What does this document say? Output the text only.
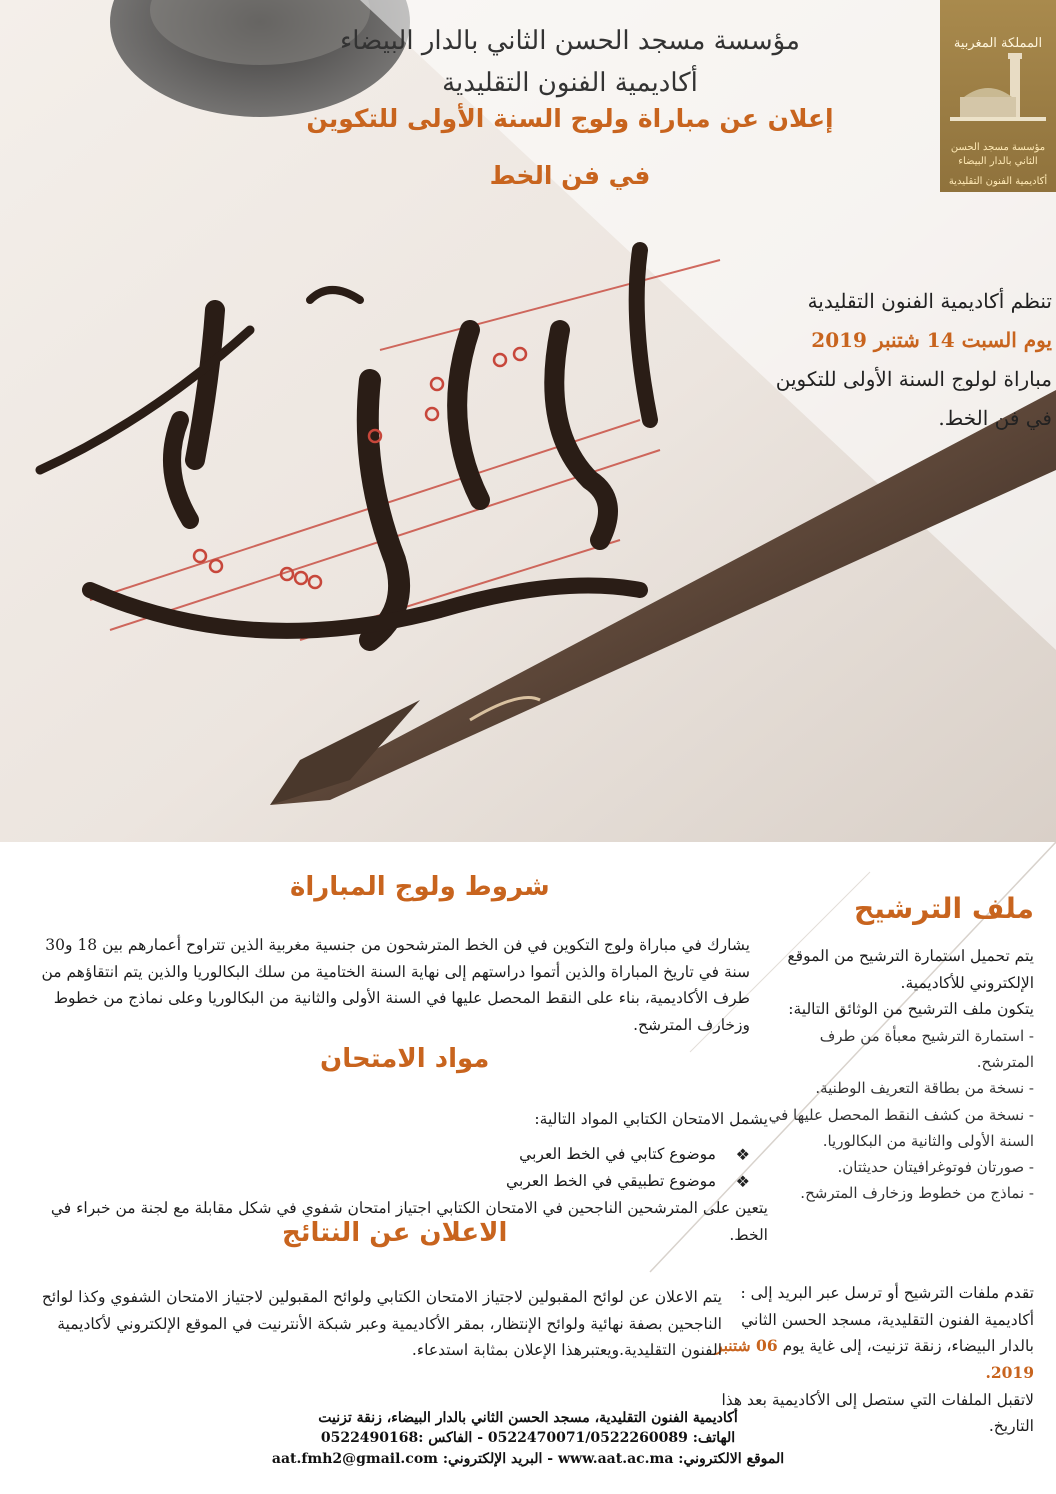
مؤسسة مسجد الحسن الثاني بالدار البيضاء

أكاديمية الفنون التقليدية

إعلان عن مباراة ولوج السنة الأولى للتكوين

في فن الخط

المملكة المغربية
مؤسسة مسجد الحسن الثاني بالدار البيضاء
أكاديمية الفنون التقليدية
تنظم أكاديمية الفنون التقليدية
يوم السبت 14 شتنبر 2019
مباراة لولوج السنة الأولى للتكوين
في فن الخط.

ملف الترشيح

يتم تحميل استمارة الترشيح من الموقع الإلكتروني للأكاديمية.

يتكون ملف الترشيح من الوثائق التالية:

- استمارة الترشيح معبأة من طرف المترشح.
- نسخة من بطاقة التعريف الوطنية.
- نسخة من كشف النقط المحصل عليها في السنة الأولى والثانية من البكالوريا.
- صورتان فوتوغرافيتان حديثتان.
- نماذج من خطوط وزخارف المترشح.

تقدم ملفات الترشيح أو ترسل عبر البريد إلى :

أكاديمية الفنون التقليدية، مسجد الحسن الثاني

بالدار البيضاء، زنقة تزنيت، إلى غاية يوم 06 شتنبر 2019.

لاتقبل الملفات التي ستصل إلى الأكاديمية بعد هذا التاريخ.

شروط ولوج المباراة

يشارك في مباراة ولوج التكوين في فن الخط المترشحون من جنسية مغربية الذين تتراوح أعمارهم بين 18 و30 سنة في تاريخ المباراة والذين أتموا دراستهم إلى نهاية السنة الختامية من سلك البكالوريا والذين يتم انتقاؤهم من طرف الأكاديمية، بناء على النقط المحصل عليها في السنة الأولى والثانية من البكالوريا وعلى نماذج من خطوط وزخارف المترشح.

مواد الامتحان

يشمل الامتحان الكتابي المواد التالية:

❖ موضوع كتابي في الخط العربي
❖ موضوع تطبيقي في الخط العربي

يتعين على المترشحين الناجحين في الامتحان الكتابي اجتياز امتحان شفوي في شكل مقابلة مع لجنة من خبراء في الخط.

الاعلان عن النتائج

يتم الاعلان عن لوائح المقبولين لاجتياز الامتحان الكتابي ولوائح المقبولين لاجتياز الامتحان الشفوي وكذا لوائح الناجحين بصفة نهائية ولوائح الإنتظار، بمقر الأكاديمية وعبر شبكة الأنترنيت في الموقع الإلكتروني لأكاديمية الفنون التقليدية.ويعتبرهذا الإعلان بمثابة استدعاء.

أكاديمية الفنون التقليدية، مسجد الحسن الثاني بالدار البيضاء، زنقة تزنيت

الهاتف: 0522470071/0522260089 - الفاكس :0522490168

الموقع الالكتروني: www.aat.ac.ma - البريد الإلكتروني: aat.fmh2@gmail.com
